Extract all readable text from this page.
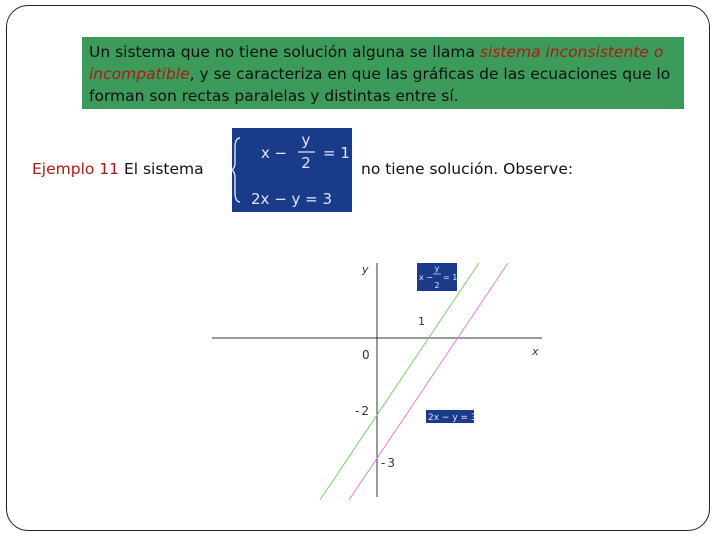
Un sistema que no tiene solución alguna se llama sistema inconsistente o incompatible, y se caracteriza en que las gráficas de las ecuaciones que lo forman son rectas paralelas y distintas entre sí.
Ejemplo 11 El sistema
x −
y
2
= 1
2x − y = 3
no tiene solución. Observe:
y
x
0
1
-2
-3
x −
y
2
= 1
2x − y = 3
